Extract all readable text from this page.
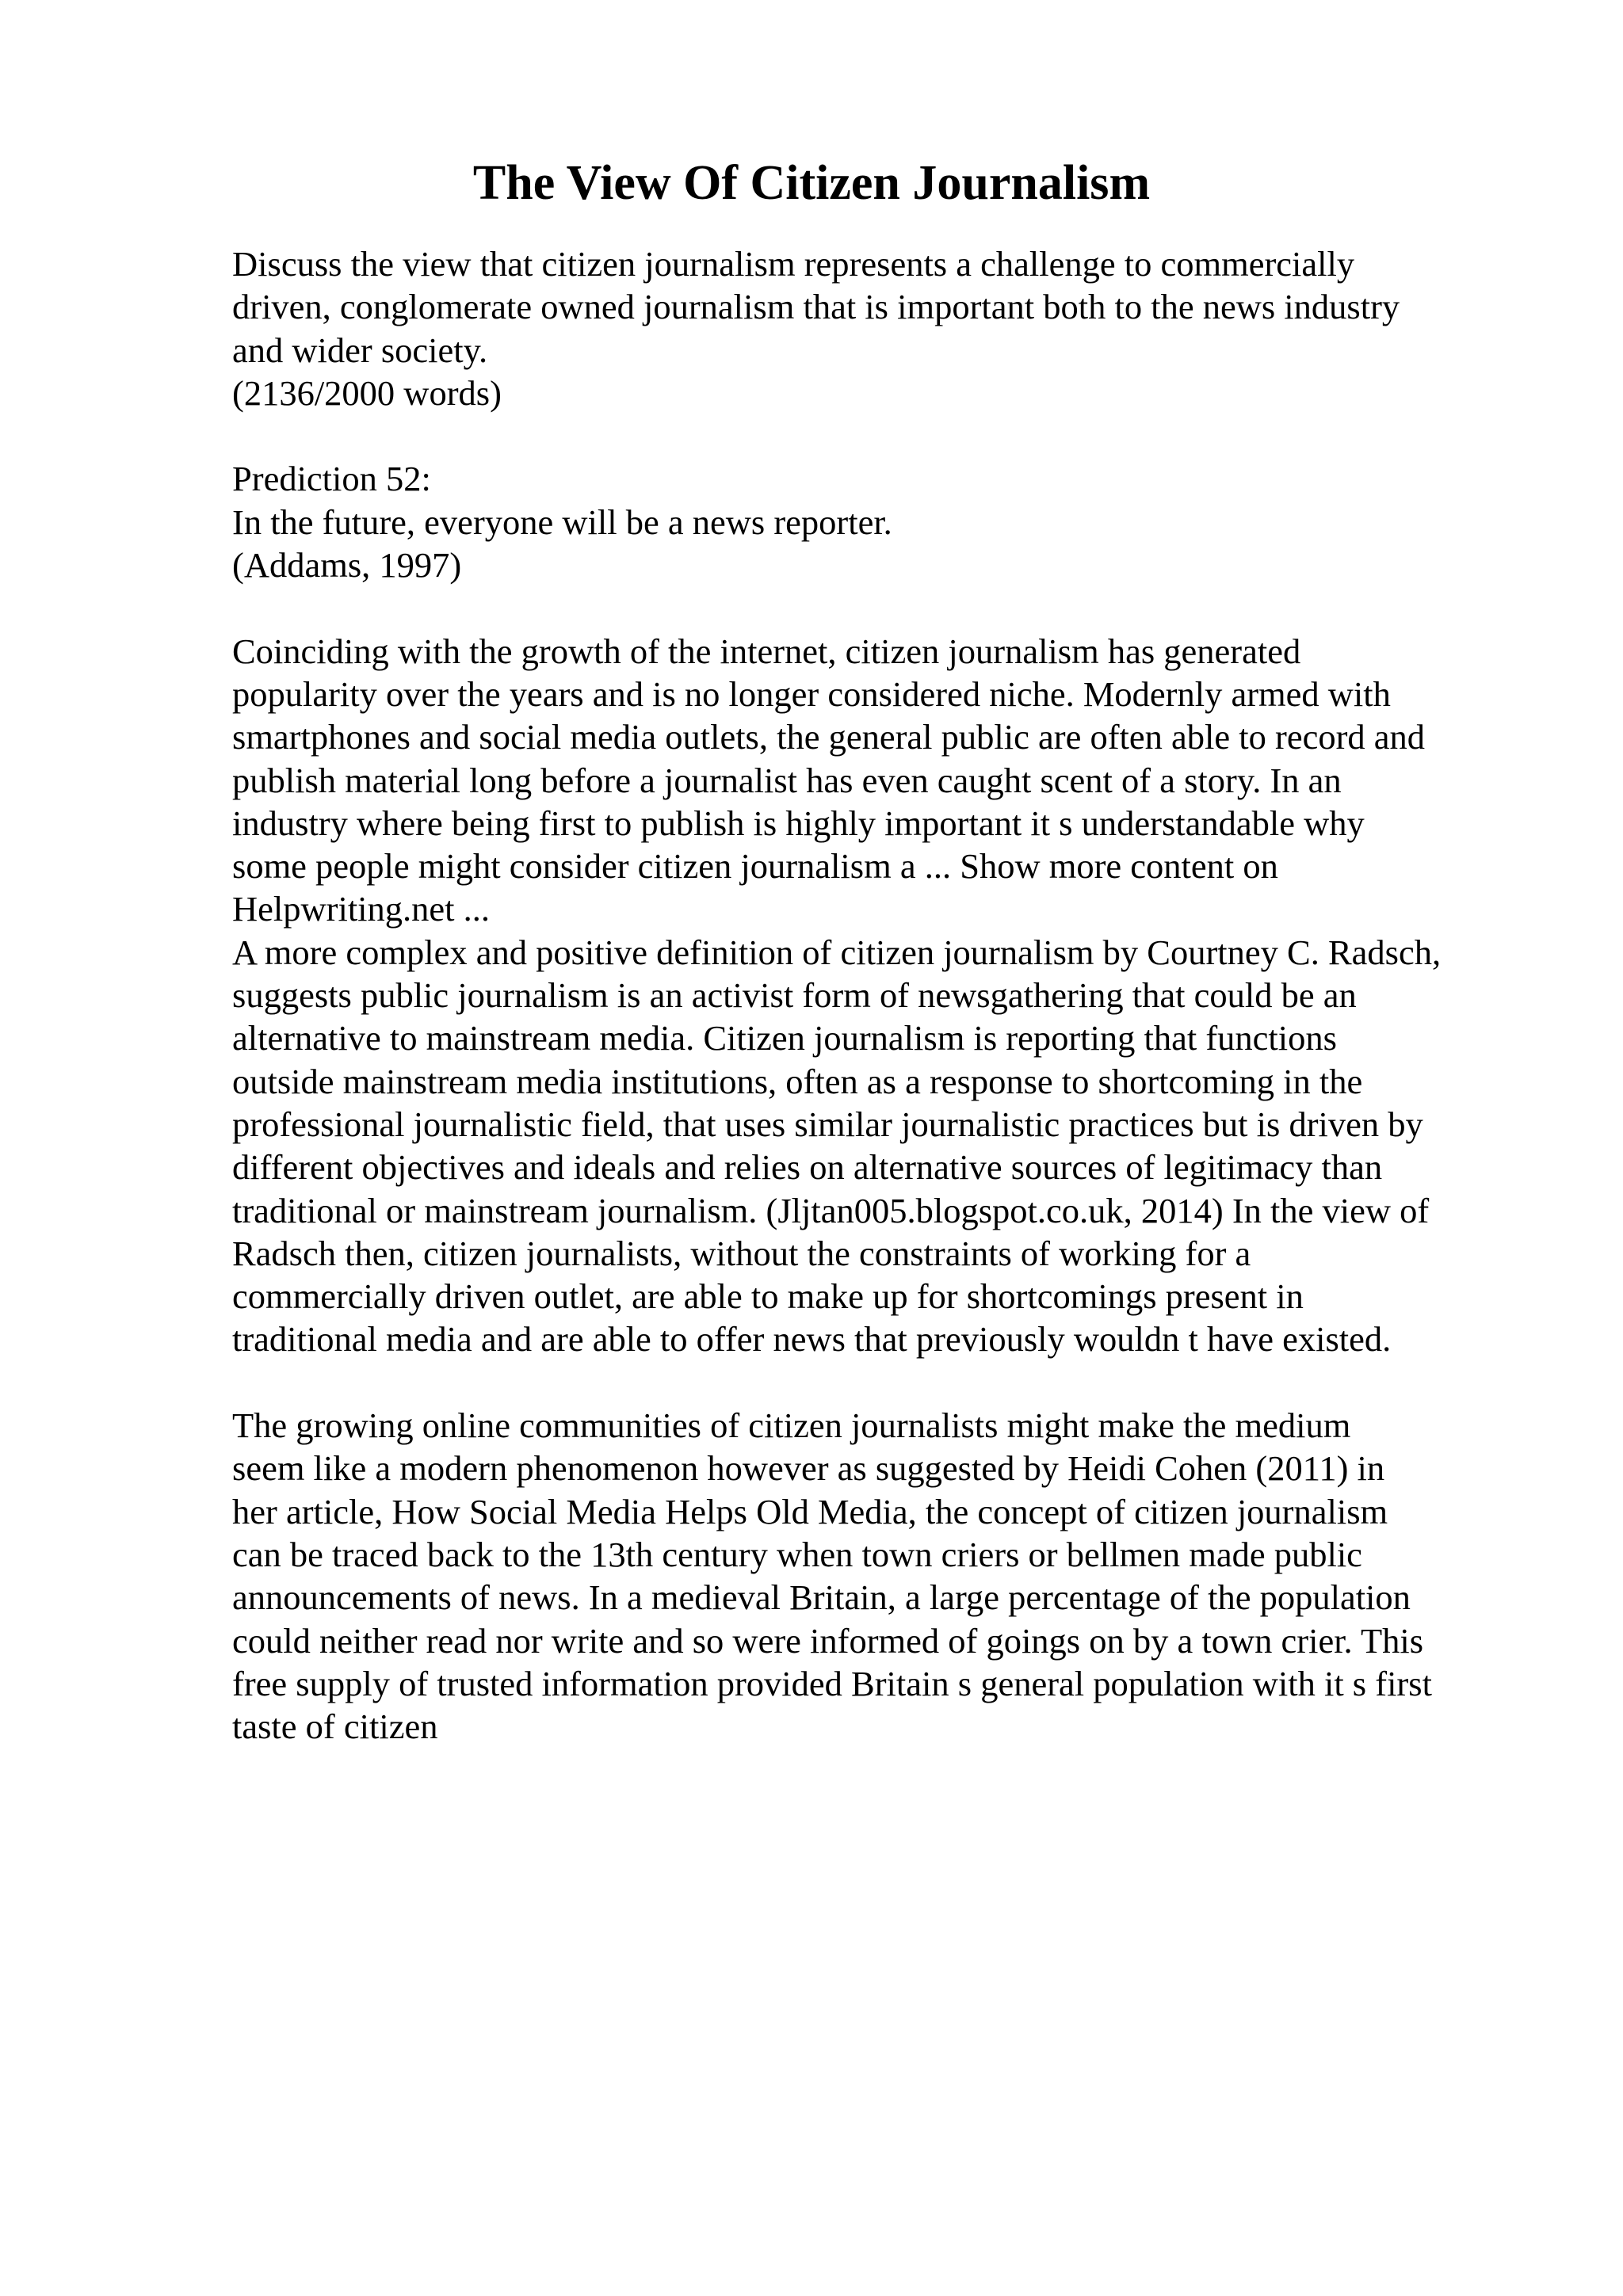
The View Of Citizen Journalism
Discuss the view that citizen journalism represents a challenge to commercially
driven, conglomerate owned journalism that is important both to the news industry
and wider society.
(2136/2000 words)
Prediction 52:
In the future, everyone will be a news reporter.
(Addams, 1997)
Coinciding with the growth of the internet, citizen journalism has generated
popularity over the years and is no longer considered niche. Modernly armed with
smartphones and social media outlets, the general public are often able to record and
publish material long before a journalist has even caught scent of a story. In an
industry where being first to publish is highly important it s understandable why
some people might consider citizen journalism a ... Show more content on
Helpwriting.net ...
A more complex and positive definition of citizen journalism by Courtney C. Radsch,
suggests public journalism is an activist form of newsgathering that could be an
alternative to mainstream media. Citizen journalism is reporting that functions
outside mainstream media institutions, often as a response to shortcoming in the
professional journalistic field, that uses similar journalistic practices but is driven by
different objectives and ideals and relies on alternative sources of legitimacy than
traditional or mainstream journalism. (Jljtan005.blogspot.co.uk, 2014) In the view of
Radsch then, citizen journalists, without the constraints of working for a
commercially driven outlet, are able to make up for shortcomings present in
traditional media and are able to offer news that previously wouldn t have existed.
The growing online communities of citizen journalists might make the medium
seem like a modern phenomenon however as suggested by Heidi Cohen (2011) in
her article, How Social Media Helps Old Media, the concept of citizen journalism
can be traced back to the 13th century when town criers or bellmen made public
announcements of news. In a medieval Britain, a large percentage of the population
could neither read nor write and so were informed of goings on by a town crier. This
free supply of trusted information provided Britain s general population with it s first
taste of citizen
